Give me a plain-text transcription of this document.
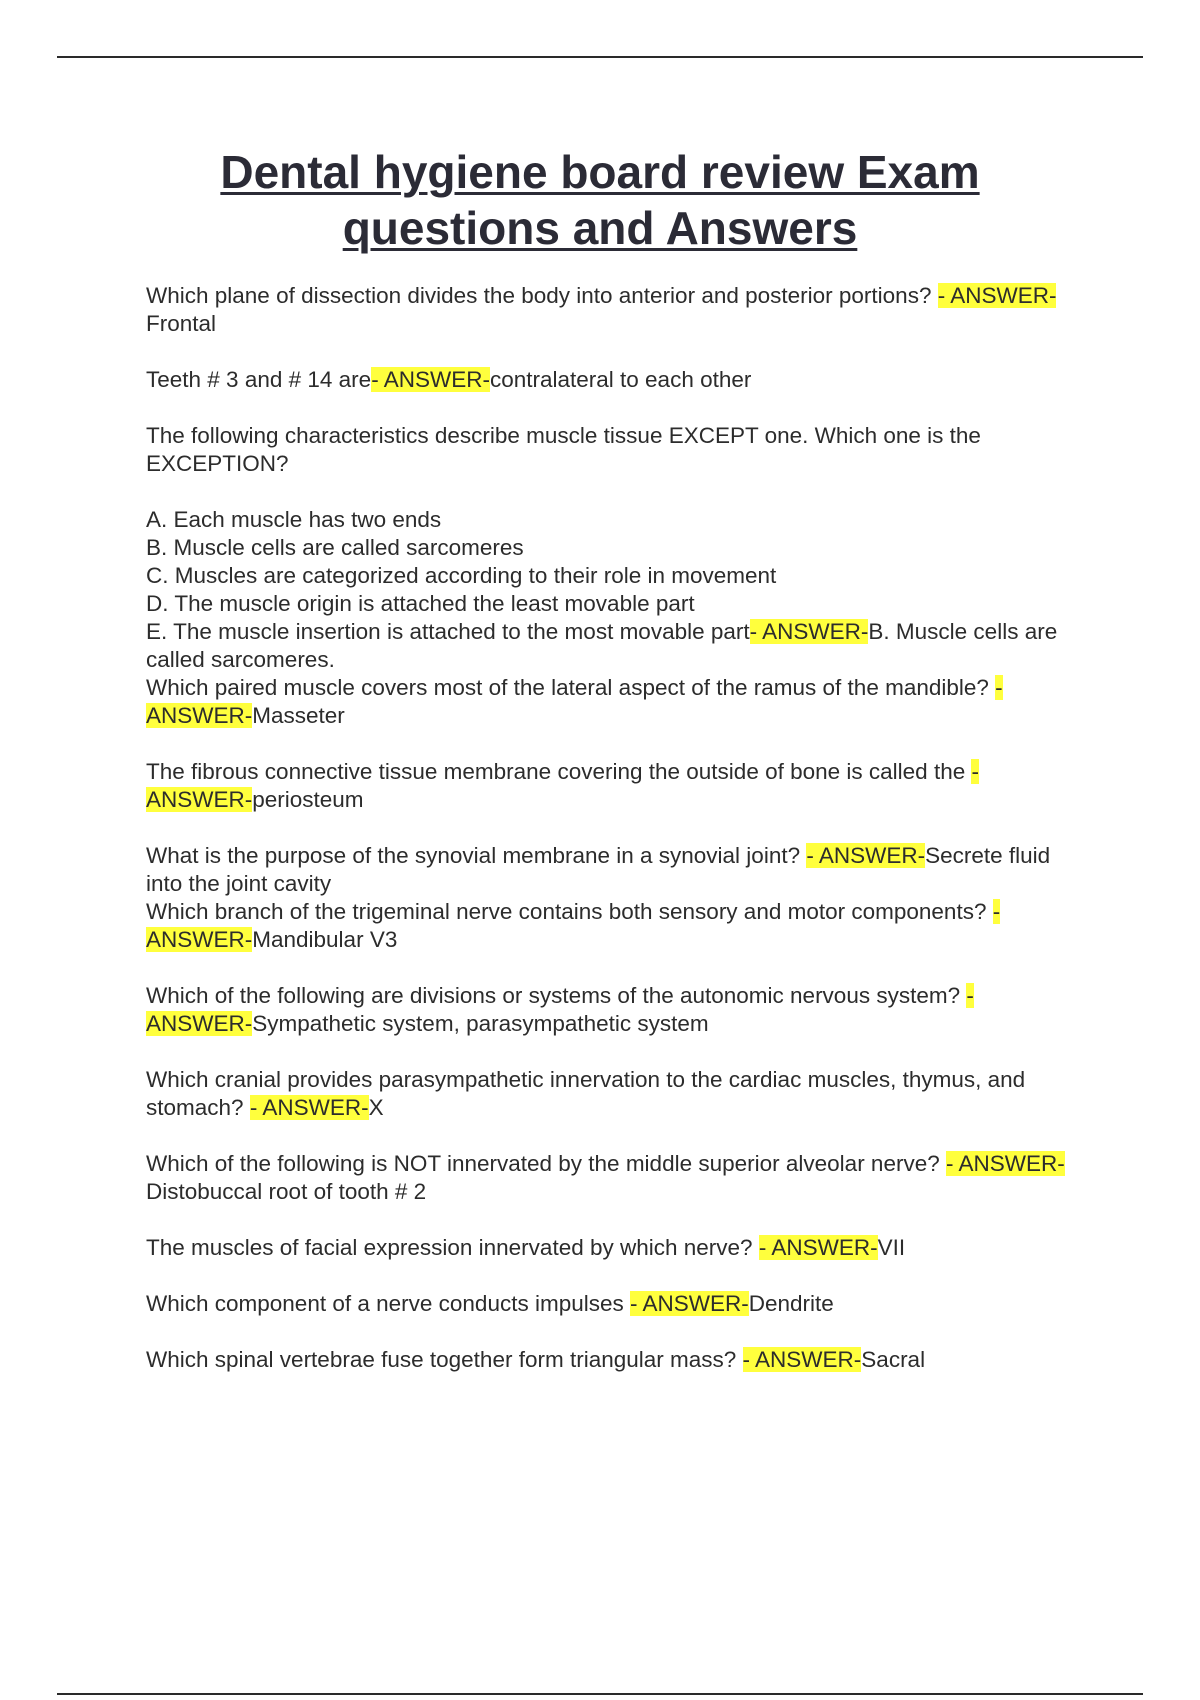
Dental hygiene board review Exam
questions and Answers

Which plane of dissection divides the body into anterior and posterior portions? - ANSWER-Frontal

Teeth # 3 and # 14 are- ANSWER-contralateral to each other

The following characteristics describe muscle tissue EXCEPT one. Which one is the EXCEPTION?

A. Each muscle has two ends
B. Muscle cells are called sarcomeres
C. Muscles are categorized according to their role in movement
D. The muscle origin is attached the least movable part
E. The muscle insertion is attached to the most movable part- ANSWER-B. Muscle cells are called sarcomeres.

Which paired muscle covers most of the lateral aspect of the ramus of the mandible? - ANSWER-Masseter

The fibrous connective tissue membrane covering the outside of bone is called the - ANSWER-periosteum

What is the purpose of the synovial membrane in a synovial joint? - ANSWER-Secrete fluid into the joint cavity

Which branch of the trigeminal nerve contains both sensory and motor components? - ANSWER-Mandibular V3

Which of the following are divisions or systems of the autonomic nervous system? - ANSWER-Sympathetic system, parasympathetic system

Which cranial provides parasympathetic innervation to the cardiac muscles, thymus, and stomach? - ANSWER-X

Which of the following is NOT innervated by the middle superior alveolar nerve? - ANSWER-Distobuccal root of tooth # 2

The muscles of facial expression innervated by which nerve? - ANSWER-VII

Which component of a nerve conducts impulses - ANSWER-Dendrite

Which spinal vertebrae fuse together form triangular mass? - ANSWER-Sacral
